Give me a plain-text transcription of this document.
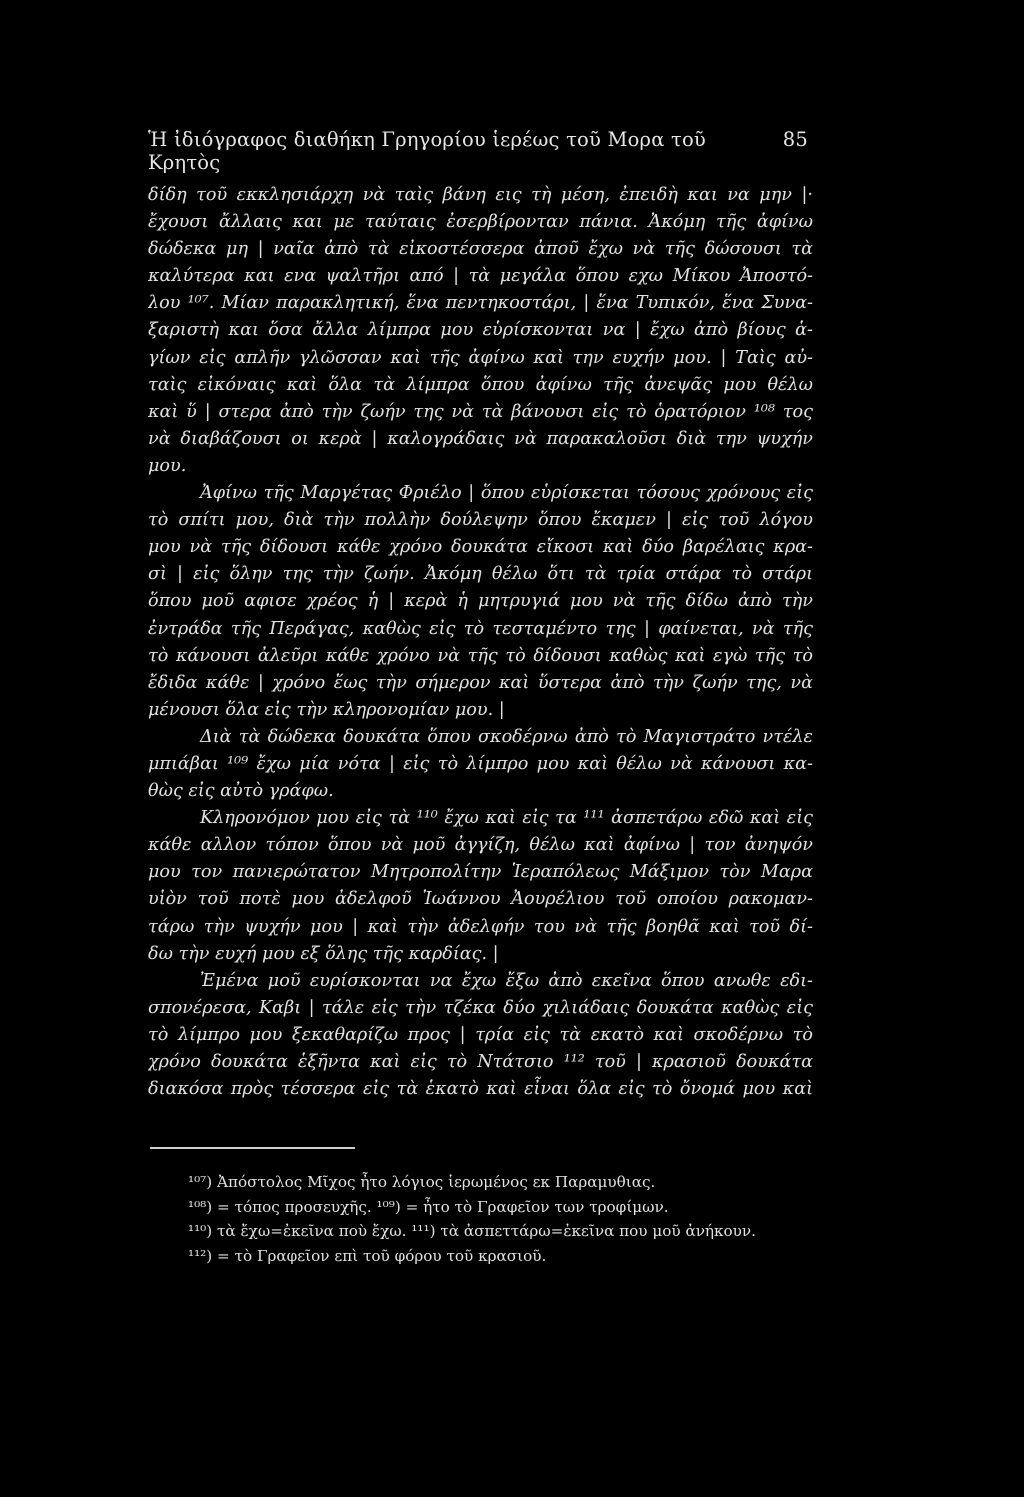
Ἡ ἰδιόγραφος διαθήκη Γρηγορίου ἱερέως τοῦ Μορα τοῦ Κρητὸς
85
δίδη τοῦ εκκλησιάρχη νὰ ταὶς βάνη εις τὴ μέση, ἐπειδὴ και να μην |·
ἔχουσι ἄλλαις και με ταύταις ἐσερβίρονταν πάνια. Ἀκόμη τῆς ἀφίνω
δώδεκα μη | ναῖα ἀπὸ τὰ εἰκοστέσσερα ἀποῦ ἔχω νὰ τῆς δώσουσι τὰ
καλύτερα και ενα ψαλτῆρι από | τὰ μεγάλα ὅπου εχω Μίκου Ἀποστό-
λου ¹⁰⁷. Μίαν παρακλητική, ἕνα πεντηκοστάρι, | ἕνα Τυπικόν, ἕνα Συνα-
ξαριστὴ και ὅσα ἄλλα λίμπρα μου εὑρίσκονται να | ἔχω ἀπὸ βίους ἁ-
γίων εἰς απλῆν γλῶσσαν καὶ τῆς ἀφίνω καὶ την ευχήν μου. | Ταὶς αὐ-
ταὶς εἰκόναις καὶ ὅλα τὰ λίμπρα ὅπου ἀφίνω τῆς ἀνεψᾶς μου θέλω
καὶ ὕ | στερα ἀπὸ τὴν ζωήν της νὰ τὰ βάνουσι εἰς τὸ ὁρατόριον ¹⁰⁸ τος
νὰ διαβάζουσι οι κερὰ | καλογράδαις νὰ παρακαλοῦσι διὰ την ψυχήν
μου.
Ἀφίνω τῆς Μαργέτας Φριέλο | ὅπου εὑρίσκεται τόσους χρόνους εἰς
τὸ σπίτι μου, διὰ τὴν πολλὴν δούλεψην ὅπου ἔκαμεν | εἰς τοῦ λόγου
μου νὰ τῆς δίδουσι κάθε χρόνο δουκάτα εἴκοσι καὶ δύο βαρέλαις κρα-
σὶ | εἰς ὅλην της τὴν ζωήν. Ἀκόμη θέλω ὅτι τὰ τρία στάρα τὸ στάρι
ὅπου μοῦ αφισε χρέος ἡ | κερὰ ἡ μητρυγιά μου νὰ τῆς δίδω ἀπὸ τὴν
ἐντράδα τῆς Περάγας, καθὼς εἰς τὸ τεσταμέντο της | φαίνεται, νὰ τῆς
τὸ κάνουσι ἀλεῦρι κάθε χρόνο νὰ τῆς τὸ δίδουσι καθὼς καὶ εγὼ τῆς τὸ
ἔδιδα κάθε | χρόνο ἕως τὴν σήμερον καὶ ὕστερα ἀπὸ τὴν ζωήν της, νὰ
μένουσι ὅλα εἰς τὴν κληρονομίαν μου. |
Διὰ τὰ δώδεκα δουκάτα ὅπου σκοδέρνω ἀπὸ τὸ Μαγιστράτο ντέλε
μπιάβαι ¹⁰⁹ ἔχω μία νότα | εἰς τὸ λίμπρο μου καὶ θέλω νὰ κάνουσι κα-
θὼς εἰς αὐτὸ γράφω.
Κληρονόμον μου εἰς τὰ ¹¹⁰ ἔχω καὶ εἰς τα ¹¹¹ ἀσπετάρω εδῶ καὶ εἰς
κάθε αλλον τόπον ὅπου νὰ μοῦ ἀγγίζη, θέλω καὶ ἀφίνω | τον ἀνηψόν
μου τον πανιερώτατον Μητροπολίτην Ἱεραπόλεως Μάξιμον τὸν Μαρα
υἱὸν τοῦ ποτὲ μου ἀδελφοῦ Ἰωάννου Ἀουρέλιου τοῦ οποίου ρακομαν-
τάρω τὴν ψυχήν μου | καὶ τὴν ἀδελφήν του νὰ τῆς βοηθᾶ καὶ τοῦ δί-
δω τὴν ευχή μου εξ ὅλης τῆς καρδίας. |
Ἐμένα μοῦ ευρίσκονται να ἔχω ἔξω ἀπὸ εκεῖνα ὅπου ανωθε εδι-
σπονέρεσα, Καβι | τάλε εἰς τὴν τζέκα δύο χιλιάδαις δουκάτα καθὼς εἰς
τὸ λίμπρο μου ξεκαθαρίζω προς | τρία εἰς τὰ εκατὸ καὶ σκοδέρνω τὸ
χρόνο δουκάτα ἑξῆντα καὶ εἰς τὸ Ντάτσιο ¹¹² τοῦ | κρασιοῦ δουκάτα
διακόσα πρὸς τέσσερα εἰς τὰ ἑκατὸ καὶ εἶναι ὅλα εἰς τὸ ὄνομά μου καὶ
¹⁰⁷) Ἀπόστολος Μῖχος ἦτο λόγιος ἱερωμένος εκ Παραμυθιας.
¹⁰⁸) = τόπος προσευχῆς. ¹⁰⁹) = ἦτο τὸ Γραφεῖον των τροφίμων.
¹¹⁰) τὰ ἔχω=ἐκεῖνα ποὺ ἔχω. ¹¹¹) τὰ ἀσπεττάρω=ἐκεῖνα που μοῦ ἀνήκουν.
¹¹²) = τὸ Γραφεῖον επὶ τοῦ φόρου τοῦ κρασιοῦ.
